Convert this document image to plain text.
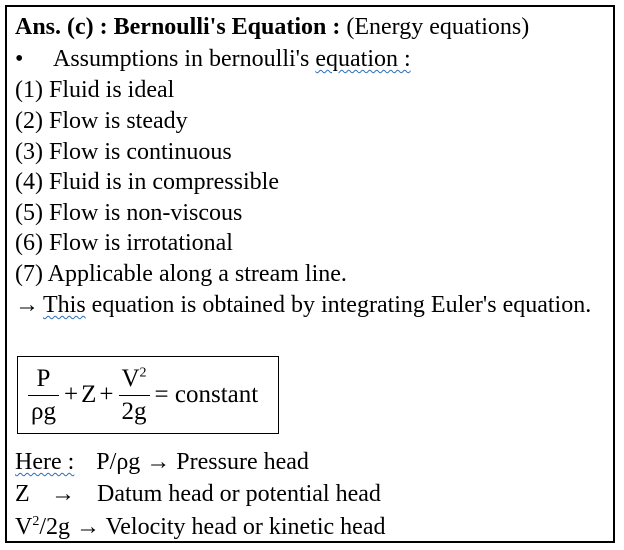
Ans. (c) : Bernoulli's Equation : (Energy equations)
• Assumptions in bernoulli's equation :
(1) Fluid is ideal
(2) Flow is steady
(3) Flow is continuous
(4) Fluid is in compressible
(5) Flow is non-viscous
(6) Flow is irrotational
(7) Applicable along a stream line.
→ This equation is obtained by integrating Euler's equation.
$\frac{P}{\rho g} + Z + \frac{V^2}{2g}$ = constant
Here : P/ρg → Pressure head
Z → Datum head or potential head
$V^2/2g$ → Velocity head or kinetic head
